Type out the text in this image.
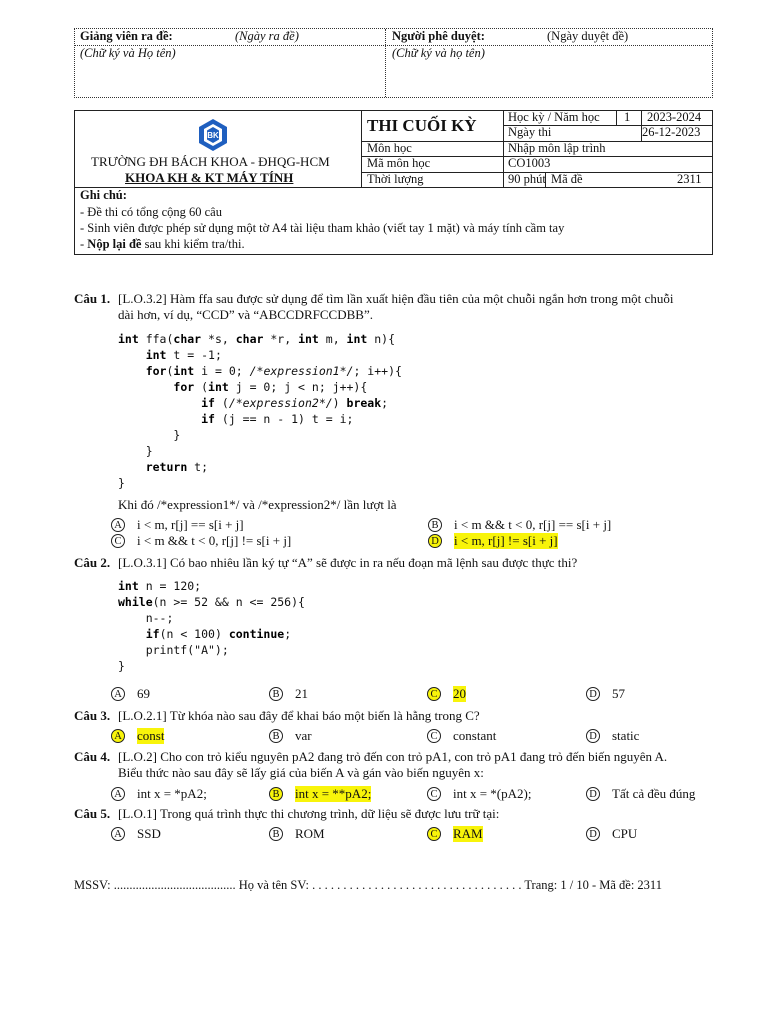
Giảng viên ra đề:	(Ngày ra đề)
(Chữ ký và Họ tên)
Người phê duyệt:	(Ngày duyệt đề)
(Chữ ký và họ tên)
BK
TRƯỜNG ĐH BÁCH KHOA - ĐHQG-HCM
KHOA KH & KT MÁY TÍNH
THI CUỐI KỲ	Học kỳ / Năm học 1 2023-2024
Ngày thi	26-12-2023
Môn học	Nhập môn lập trình
Mã môn học	CO1003
Thời lượng	90 phút Mã đề	2311
Ghi chú:
- Đề thi có tổng cộng 60 câu
- Sinh viên được phép sử dụng một tờ A4 tài liệu tham khảo (viết tay 1 mặt) và máy tính cầm tay
- Nộp lại đề sau khi kiểm tra/thi.
Câu 1. [L.O.3.2] Hàm ffa sau được sử dụng để tìm lần xuất hiện đầu tiên của một chuỗi ngắn hơn trong một chuỗi
dài hơn, ví dụ, “CCD” và “ABCCDRFCCDBB”.
int ffa(char *s, char *r, int m, int n){
int t = -1;
for(int i = 0; /*expression1*/; i++){
for (int j = 0; j < n; j++){
if (/*expression2*/) break;
if (j == n - 1) t = i;
}
}
return t;
}
Khi đó /*expression1*/ và /*expression2*/ lần lượt là
A i < m, r[j] == s[i + j]	B i < m && t < 0, r[j] == s[i + j]
C i < m && t < 0, r[j] != s[i + j]	D i < m, r[j] != s[i + j]
Câu 2. [L.O.3.1] Có bao nhiêu lần ký tự “A” sẽ được in ra nếu đoạn mã lệnh sau được thực thi?
int n = 120;
while(n >= 52 && n <= 256){
n--;
if(n < 100) continue;
printf("A");
}
A 69	B 21	C 20	D 57
Câu 3. [L.O.2.1] Từ khóa nào sau đây để khai báo một biến là hằng trong C?
A const	B var	C constant	D static
Câu 4. [L.O.2] Cho con trỏ kiểu nguyên pA2 đang trỏ đến con trỏ pA1, con trỏ pA1 đang trỏ đến biến nguyên A.
Biểu thức nào sau đây sẽ lấy giá của biến A và gán vào biến nguyên x:
A int x = *pA2;	B int x = **pA2;	C int x = *(pA2);	D Tất cả đều đúng
Câu 5. [L.O.1] Trong quá trình thực thi chương trình, dữ liệu sẽ được lưu trữ tại:
A SSD	B ROM	C RAM	D CPU
MSSV: ....................................... Họ và tên SV: . . . . . . . . . . . . . . . . . . . . . . . . . . . . . . . . . . Trang: 1 / 10 - Mã đề: 2311
